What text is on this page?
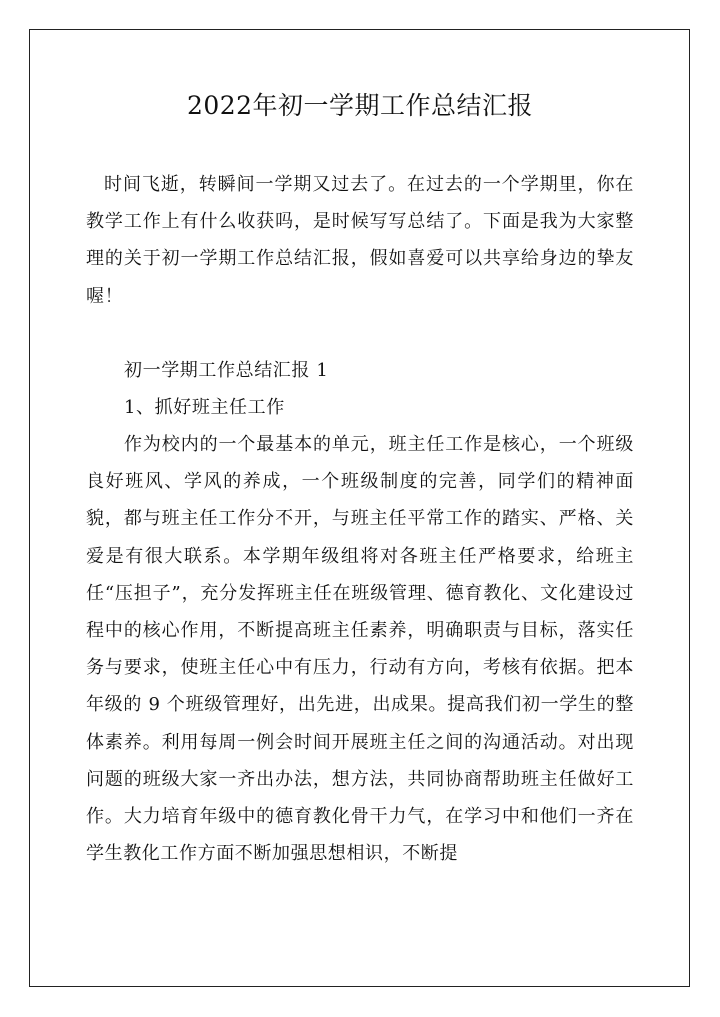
2022年初一学期工作总结汇报

时间飞逝，转瞬间一学期又过去了。在过去的一个学期里，你在教学工作上有什么收获吗，是时候写写总结了。下面是我为大家整理的关于初一学期工作总结汇报，假如喜爱可以共享给身边的挚友喔！

初一学期工作总结汇报 1

1、抓好班主任工作

作为校内的一个最基本的单元，班主任工作是核心，一个班级良好班风、学风的养成，一个班级制度的完善，同学们的精神面貌，都与班主任工作分不开，与班主任平常工作的踏实、严格、关爱是有很大联系。本学期年级组将对各班主任严格要求，给班主任“压担子”，充分发挥班主任在班级管理、德育教化、文化建设过程中的核心作用，不断提高班主任素养，明确职责与目标，落实任务与要求，使班主任心中有压力，行动有方向，考核有依据。把本年级的 9 个班级管理好，出先进，出成果。提高我们初一学生的整体素养。利用每周一例会时间开展班主任之间的沟通活动。对出现问题的班级大家一齐出办法，想方法，共同协商帮助班主任做好工作。大力培育年级中的德育教化骨干力气，在学习中和他们一齐在学生教化工作方面不断加强思想相识，不断提
